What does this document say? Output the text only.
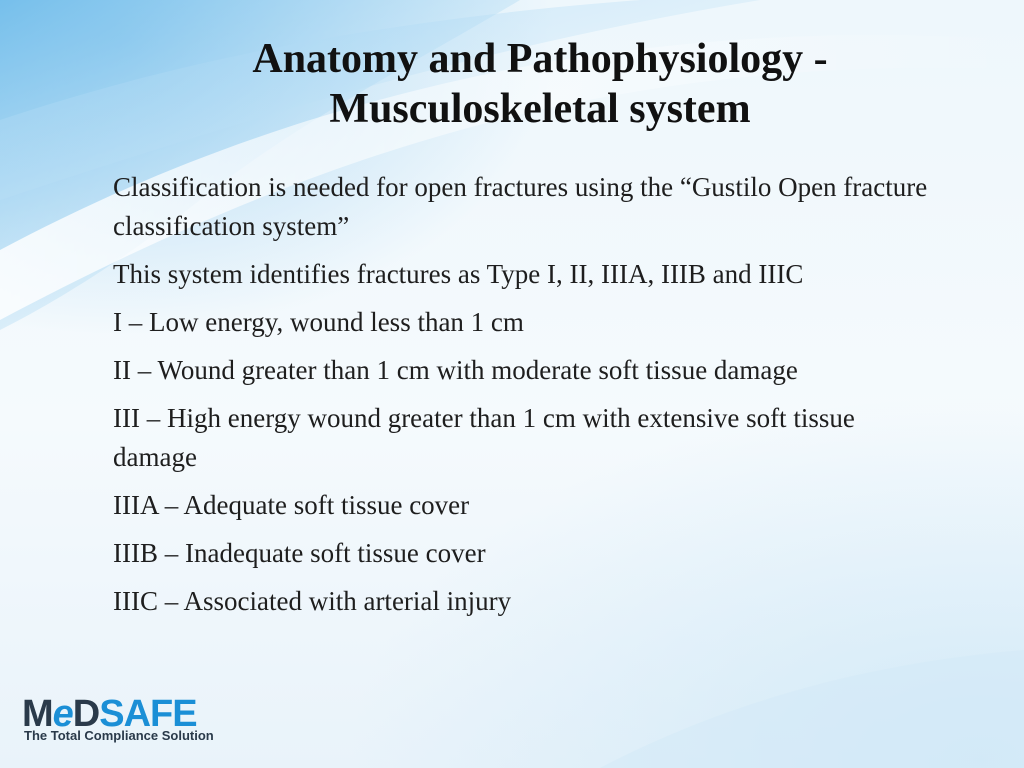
Anatomy and Pathophysiology -
Musculoskeletal system

Classification is needed for open fractures using the “Gustilo Open fracture classification system”

This system identifies fractures as Type I, II, IIIA, IIIB and IIIC

I – Low energy, wound less than 1 cm

II – Wound greater than 1 cm with moderate soft tissue damage

III – High energy wound greater than 1 cm with extensive soft tissue damage

IIIA – Adequate soft tissue cover

IIIB – Inadequate soft tissue cover

IIIC – Associated with arterial injury

MeDSAFE
The Total Compliance Solution
